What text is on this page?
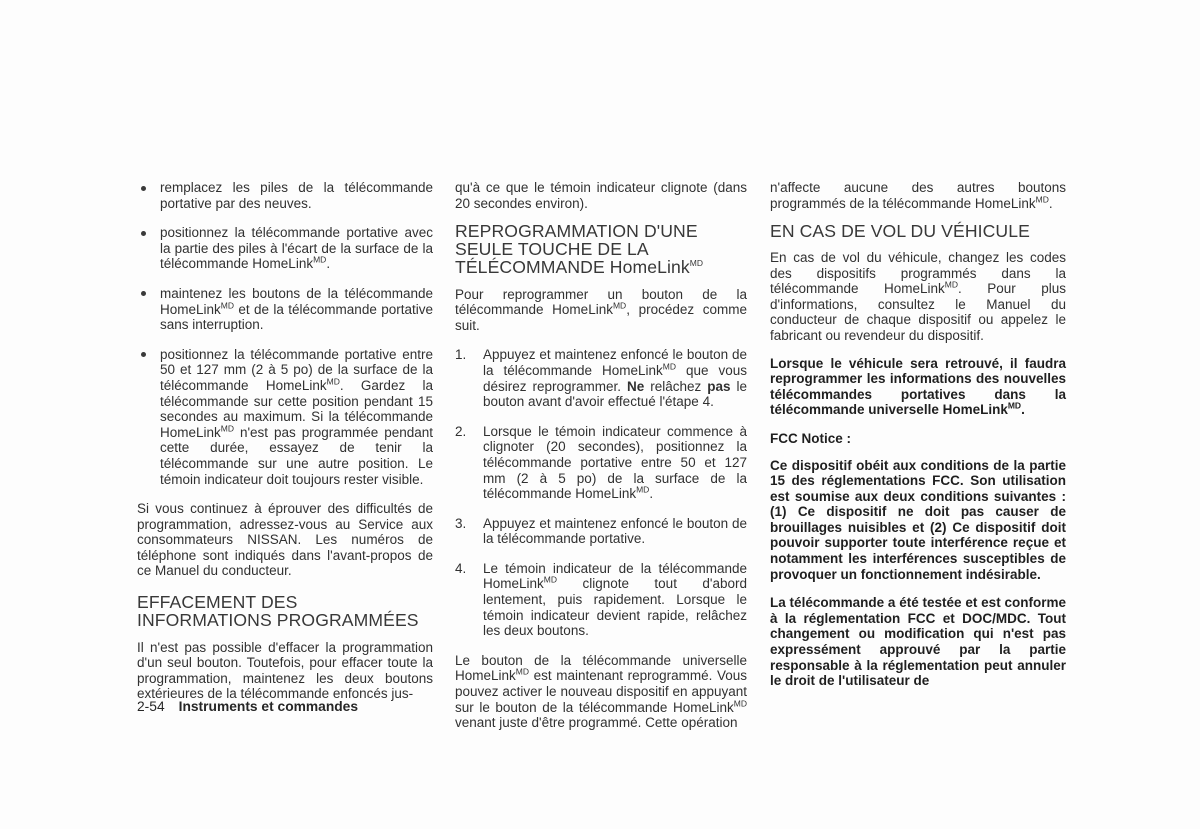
remplacez les piles de la télécommande portative par des neuves.
positionnez la télécommande portative avec la partie des piles à l'écart de la surface de la télécommande HomeLink$^{MD}$.
maintenez les boutons de la télécommande HomeLink$^{MD}$ et de la télécommande portative sans interruption.
positionnez la télécommande portative entre 50 et 127 mm (2 à 5 po) de la surface de la télécommande HomeLink$^{MD}$. Gardez la télécommande sur cette position pendant 15 secondes au maximum. Si la télécommande HomeLink$^{MD}$ n'est pas programmée pendant cette durée, essayez de tenir la télécommande sur une autre position. Le témoin indicateur doit toujours rester visible.

Si vous continuez à éprouver des difficultés de programmation, adressez-vous au Service aux consommateurs NISSAN. Les numéros de téléphone sont indiqués dans l'avant-propos de ce Manuel du conducteur.

EFFACEMENT DES INFORMATIONS PROGRAMMÉES

Il n'est pas possible d'effacer la programmation d'un seul bouton. Toutefois, pour effacer toute la programmation, maintenez les deux boutons extérieures de la télécommande enfoncés jus-

qu'à ce que le témoin indicateur clignote (dans 20 secondes environ).

REPROGRAMMATION D'UNE SEULE TOUCHE DE LA TÉLÉCOMMANDE HomeLink$^{MD}$

Pour reprogrammer un bouton de la télécommande HomeLink$^{MD}$, procédez comme suit.

1. Appuyez et maintenez enfoncé le bouton de la télécommande HomeLink$^{MD}$ que vous désirez reprogrammer. Ne relâchez pas le bouton avant d'avoir effectué l'étape 4.
2. Lorsque le témoin indicateur commence à clignoter (20 secondes), positionnez la télécommande portative entre 50 et 127 mm (2 à 5 po) de la surface de la télécommande HomeLink$^{MD}$.
3. Appuyez et maintenez enfoncé le bouton de la télécommande portative.
4. Le témoin indicateur de la télécommande HomeLink$^{MD}$ clignote tout d'abord lentement, puis rapidement. Lorsque le témoin indicateur devient rapide, relâchez les deux boutons.

Le bouton de la télécommande universelle HomeLink$^{MD}$ est maintenant reprogrammé. Vous pouvez activer le nouveau dispositif en appuyant sur le bouton de la télécommande HomeLink$^{MD}$ venant juste d'être programmé. Cette opération

n'affecte aucune des autres boutons programmés de la télécommande HomeLink$^{MD}$.

EN CAS DE VOL DU VÉHICULE

En cas de vol du véhicule, changez les codes des dispositifs programmés dans la télécommande HomeLink$^{MD}$. Pour plus d'informations, consultez le Manuel du conducteur de chaque dispositif ou appelez le fabricant ou revendeur du dispositif.

Lorsque le véhicule sera retrouvé, il faudra reprogrammer les informations des nouvelles télécommandes portatives dans la télécommande universelle HomeLink$^{MD}$.

FCC Notice :

Ce dispositif obéit aux conditions de la partie 15 des réglementations FCC. Son utilisation est soumise aux deux conditions suivantes : (1) Ce dispositif ne doit pas causer de brouillages nuisibles et (2) Ce dispositif doit pouvoir supporter toute interférence reçue et notamment les interférences susceptibles de provoquer un fonctionnement indésirable.

La télécommande a été testée et est conforme à la réglementation FCC et DOC/MDC. Tout changement ou modification qui n'est pas expressément approuvé par la partie responsable à la réglementation peut annuler le droit de l'utilisateur de

2-54 Instruments et commandes
